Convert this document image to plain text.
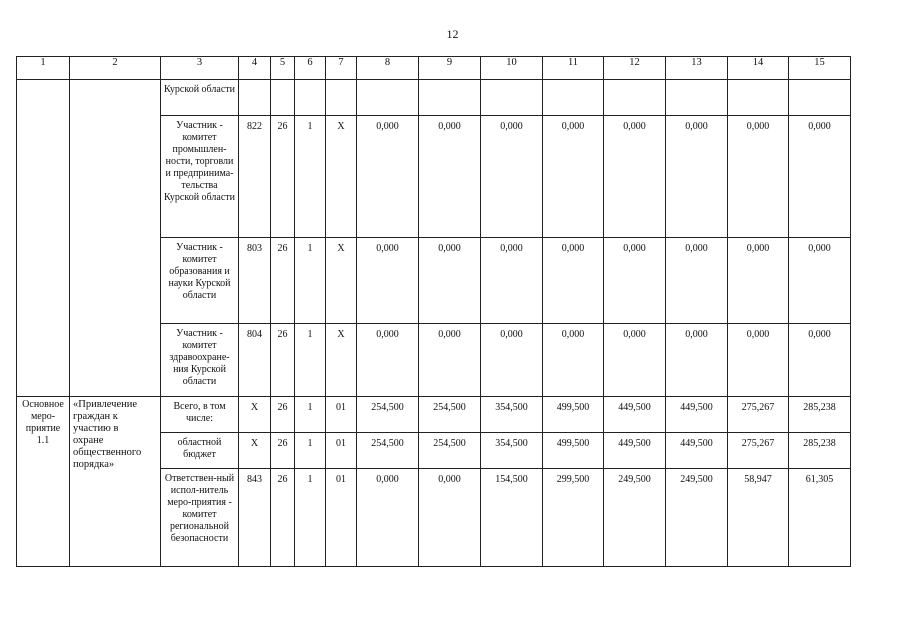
12
1	2	3	4	5	6	7	8	9	10	11	12	13	14	15
		Курской области												
		Участник - комитет промышлен-ности, торговли и предпринима-тельства Курской области	822	26	1	Х	0,000	0,000	0,000	0,000	0,000	0,000	0,000	0,000
		Участник - комитет образования и науки Курской области	803	26	1	Х	0,000	0,000	0,000	0,000	0,000	0,000	0,000	0,000
		Участник - комитет здравоохране-ния Курской области	804	26	1	Х	0,000	0,000	0,000	0,000	0,000	0,000	0,000	0,000
Основное меро-приятие 1.1	«Привлечение граждан к
участию в
охране
общественного
порядка»	Всего, в том числе:	Х	26	1	01	254,500	254,500	354,500	499,500	449,500	449,500	275,267	285,238
		областной бюджет	Х	26	1	01	254,500	254,500	354,500	499,500	449,500	449,500	275,267	285,238
		Ответствен-ный испол-нитель меро-приятия - комитет региональной безопасности	843	26	1	01	0,000	0,000	154,500	299,500	249,500	249,500	58,947	61,305
